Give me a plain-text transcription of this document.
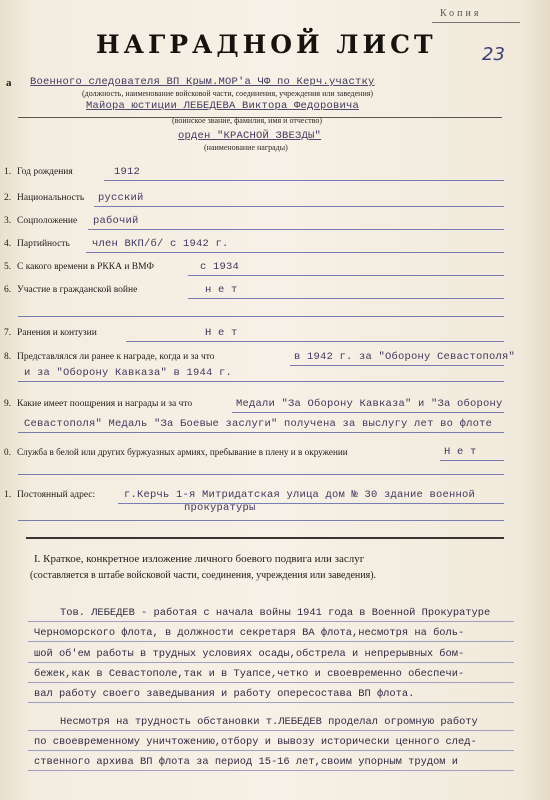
Копия
23
НАГРАДНОЙ ЛИСТ
а Военного следователя ВП Крым.МОР'а ЧФ по Керч.участку
(должность, наименование войсковой части, соединения, учреждения или заведения)
Майора юстиции ЛЕБЕДЕВА Виктора Федоровича
(воинское звание, фамилия, имя и отчество)
орден "КРАСНОЙ ЗВЕЗДЫ"
(наименование награды)
1. Год рождения	1912
2. Национальность русский
3. Соцположение рабочий
4. Партийность член ВКП/б/ с 1942 г.
5. С какого времени в РККА и ВМФ	с 1934
6. Участие в гражданской войне	н е т
7. Ранения и контузии	Н е т
8. Представлялся ли ранее к награде, когда и за что	в 1942 г. за "Оборону Севастополя"
и за "Оборону Кавказа" в 1944 г.
9. Какие имеет поощрения и награды и за что	Медали "За Оборону Кавказа" и "За оборону
Севастополя" Медаль "За Боевые заслуги" получена за выслугу лет во флоте
0. Служба в белой или других буржуазных армиях, пребывание в плену и в окружении	Н е т
1. Постоянный адрес:	г.Керчь 1-я Митридатская улица дом № 30 здание военной
прокуратуры
I. Краткое, конкретное изложение личного боевого подвига или заслуг
(составляется в штабе войсковой части, соединения, учреждения или заведения).
Тов. ЛЕБЕДЕВ - работая с начала войны 1941 года в Военной Прокуратуре
Черноморского флота, в должности секретаря ВА флота,несмотря на боль-
шой об'ем работы в трудных условиях осады,обстрела и непрерывных бом-
бежек,как в Севастополе,так и в Туапсе,четко и своевременно обеспечи-
вал работу своего заведывания и работу опересостава ВП флота.
Несмотря на трудность обстановки т.ЛЕБЕДЕВ проделал огромную работу
по своевременному уничтожению,отбору и вывозу исторически ценного след-
ственного архива ВП флота за период 15-16 лет,своим упорным трудом и
